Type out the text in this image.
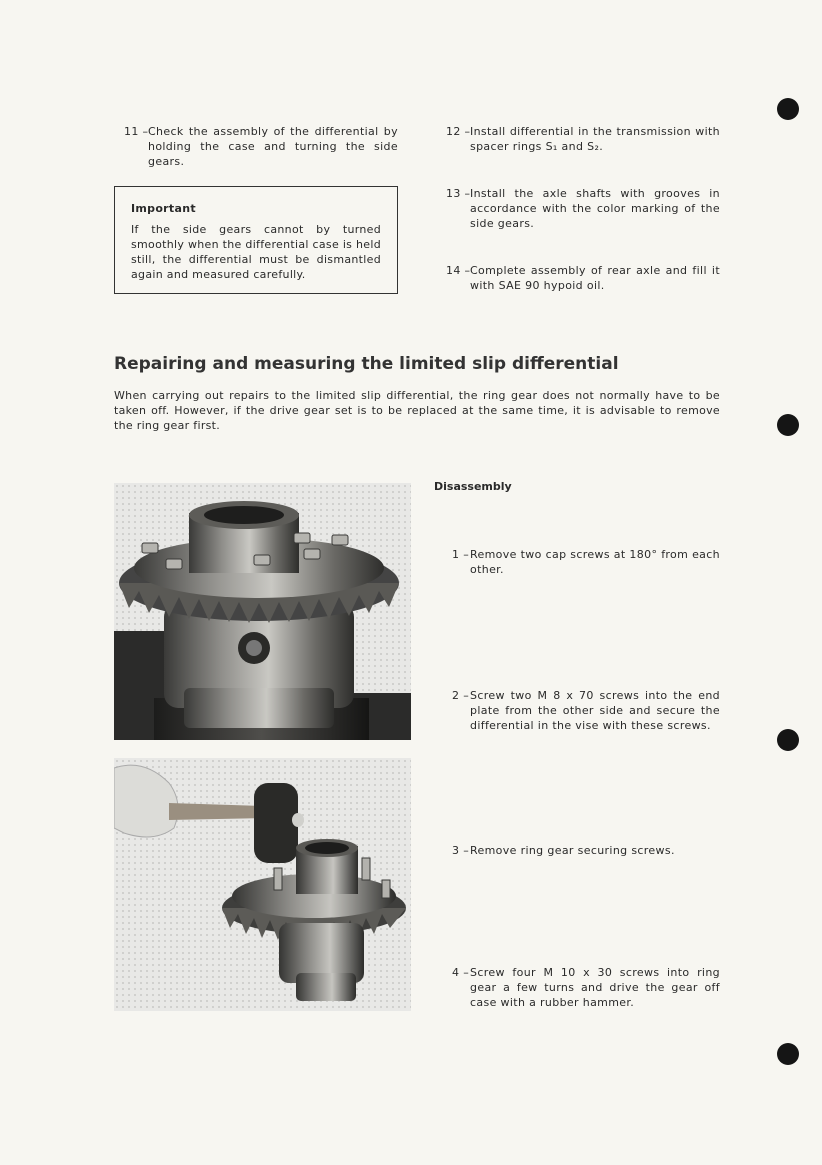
11 – Check the assembly of the differential by holding the case and turning the side gears.
Important
If the side gears cannot by turned smoothly when the differential case is held still, the differential must be dismantled again and measured carefully.
12 – Install differential in the transmission with spacer rings S₁ and S₂.
13 – Install the axle shafts with grooves in accordance with the color marking of the side gears.
14 – Complete assembly of rear axle and fill it with SAE 90 hypoid oil.
Repairing and measuring the limited slip differential
When carrying out repairs to the limited slip differential, the ring gear does not normally have to be taken off. However, if the drive gear set is to be replaced at the same time, it is advisable to remove the ring gear first.
Disassembly
1 – Remove two cap screws at 180° from each other.
2 – Screw two M 8 x 70 screws into the end plate from the other side and secure the differential in the vise with these screws.
3 – Remove ring gear securing screws.
4 – Screw four M 10 x 30 screws into ring gear a few turns and drive the gear off case with a rubber hammer.
